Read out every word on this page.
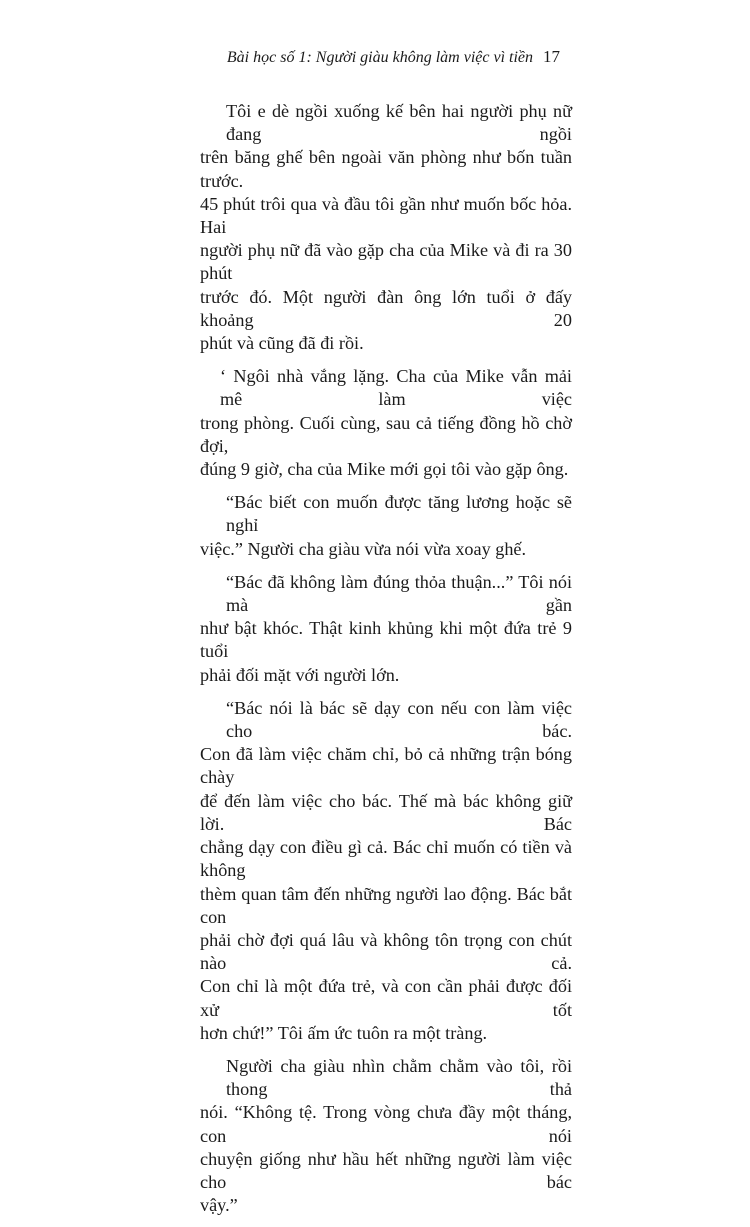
Bài học số 1: Người giàu không làm việc vì tiền 17

Tôi e dè ngồi xuống kế bên hai người phụ nữ đang ngồi
trên băng ghế bên ngoài văn phòng như bốn tuần trước.
45 phút trôi qua và đầu tôi gần như muốn bốc hỏa. Hai
người phụ nữ đã vào gặp cha của Mike và đi ra 30 phút
trước đó. Một người đàn ông lớn tuổi ở đấy khoảng 20
phút và cũng đã đi rồi.

‘ Ngôi nhà vắng lặng. Cha của Mike vẫn mải mê làm việc
trong phòng. Cuối cùng, sau cả tiếng đồng hồ chờ đợi,
đúng 9 giờ, cha của Mike mới gọi tôi vào gặp ông.

“Bác biết con muốn được tăng lương hoặc sẽ nghỉ
việc.” Người cha giàu vừa nói vừa xoay ghế.

“Bác đã không làm đúng thỏa thuận...” Tôi nói mà gần
như bật khóc. Thật kinh khủng khi một đứa trẻ 9 tuổi
phải đối mặt với người lớn.

“Bác nói là bác sẽ dạy con nếu con làm việc cho bác.
Con đã làm việc chăm chỉ, bỏ cả những trận bóng chày
để đến làm việc cho bác. Thế mà bác không giữ lời. Bác
chẳng dạy con điều gì cả. Bác chỉ muốn có tiền và không
thèm quan tâm đến những người lao động. Bác bắt con
phải chờ đợi quá lâu và không tôn trọng con chút nào cả.
Con chỉ là một đứa trẻ, và con cần phải được đối xử tốt
hơn chứ!” Tôi ấm ức tuôn ra một tràng.

Người cha giàu nhìn chằm chằm vào tôi, rồi thong thả
nói. “Không tệ. Trong vòng chưa đầy một tháng, con nói
chuyện giống như hầu hết những người làm việc cho bác
vậy.”
